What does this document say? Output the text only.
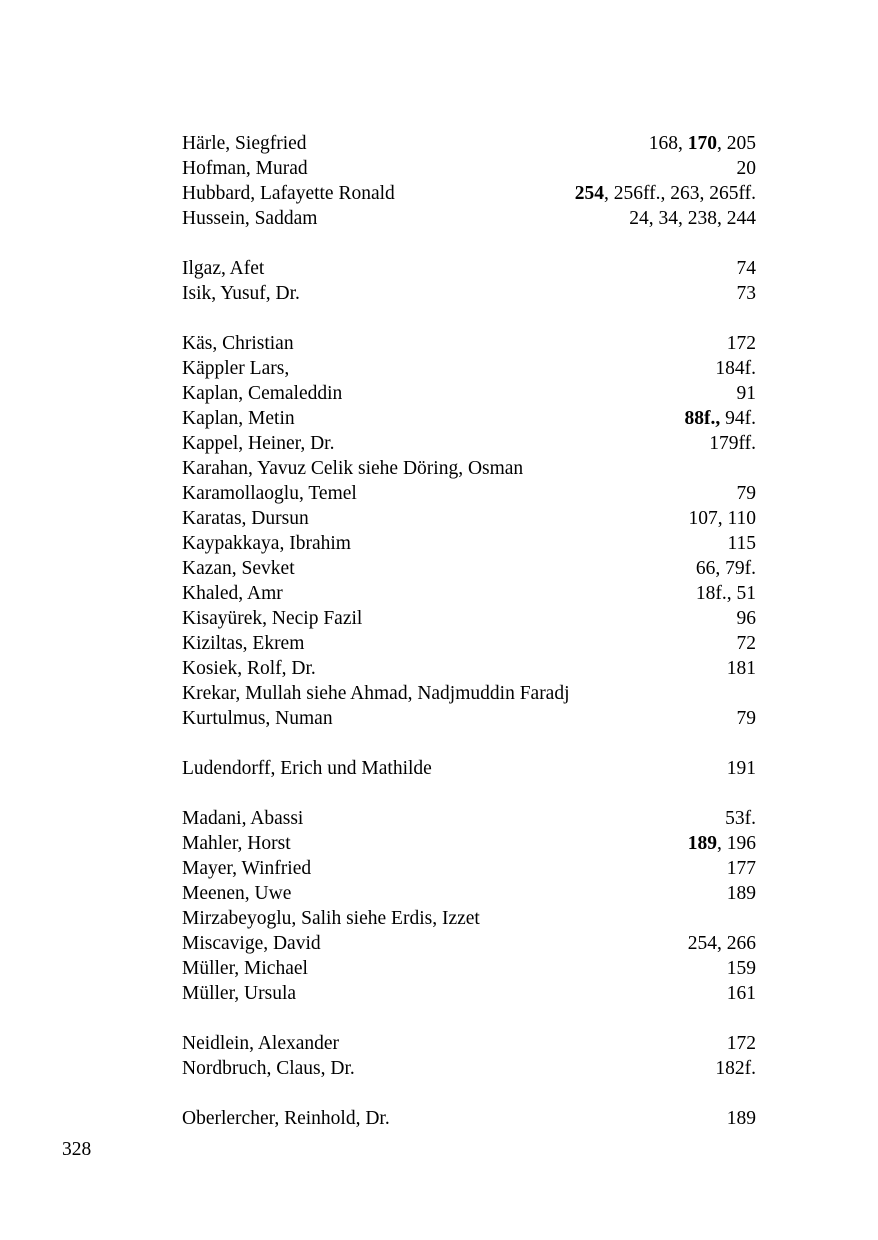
Härle, Siegfried	168, 170, 205
Hofman, Murad	20
Hubbard, Lafayette Ronald	254, 256ff., 263, 265ff.
Hussein, Saddam	24, 34, 238, 244
Ilgaz, Afet	74
Isik, Yusuf, Dr.	73
Käs, Christian	172
Käppler Lars,	184f.
Kaplan, Cemaleddin	91
Kaplan, Metin	88f., 94f.
Kappel, Heiner, Dr.	179ff.
Karahan, Yavuz Celik siehe Döring, Osman
Karamollaoglu, Temel	79
Karatas, Dursun	107, 110
Kaypakkaya, Ibrahim	115
Kazan, Sevket	66, 79f.
Khaled, Amr	18f., 51
Kisayürek, Necip Fazil	96
Kiziltas, Ekrem	72
Kosiek, Rolf, Dr.	181
Krekar, Mullah siehe Ahmad, Nadjmuddin Faradj
Kurtulmus, Numan	79
Ludendorff, Erich und Mathilde	191
Madani, Abassi	53f.
Mahler, Horst	189, 196
Mayer, Winfried	177
Meenen, Uwe	189
Mirzabeyoglu, Salih siehe Erdis, Izzet
Miscavige, David	254, 266
Müller, Michael	159
Müller, Ursula	161
Neidlein, Alexander	172
Nordbruch, Claus, Dr.	182f.
Oberlercher, Reinhold, Dr.	189
328
